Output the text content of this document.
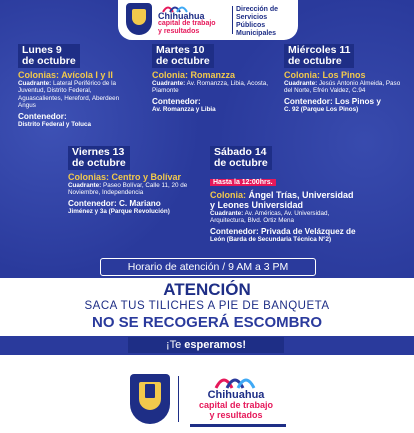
Chihuahua
capital de trabajo
y resultados
Dirección de
Servicios Públicos
Municipales
Lunes 9
de octubre
Colonias: Avícola I y II
Cuadrante: Lateral Periférico de la Juventud, Distrito Federal, Aguascalientes, Hereford, Aberdeen Angus
Contenedor:
Distrito Federal y Toluca
Martes 10
de octubre
Colonia: Romanzza
Cuadrante: Av. Romanzza, Libia, Acosta, Piamonte
Contenedor:
Av. Romanzza y Libia
Miércoles 11
de octubre
Colonia: Los Pinos
Cuadrante: Jesús Antonio Almeida, Paso del Norte, Efrén Valdez, C.94
Contenedor: Los Pinos y
C. 92 (Parque Los Pinos)
Viernes 13
de octubre
Colonias: Centro y Bolívar
Cuadrante: Paseo Bolívar, Calle 11, 20 de Noviembre, Independencia
Contenedor: C. Mariano
Jiménez y 3a (Parque Revolución)
Sábado 14
de octubre
Hasta la 12:00hrs.
Colonia: Ángel Trías, Universidad y Leones Universidad
Cuadrante: Av. Américas, Av. Universidad, Arquitectura, Blvd. Ortiz Mena
Contenedor: Privada de Velázquez de
León (Barda de Secundaria Técnica N°2)
Horario de atención / 9 AM a 3 PM
ATENCIÓN
SACA TUS TILICHES A PIE DE BANQUETA
NO SE RECOGERÁ ESCOMBRO
¡Te esperamos!
Chihuahua
capital de trabajo
y resultados
